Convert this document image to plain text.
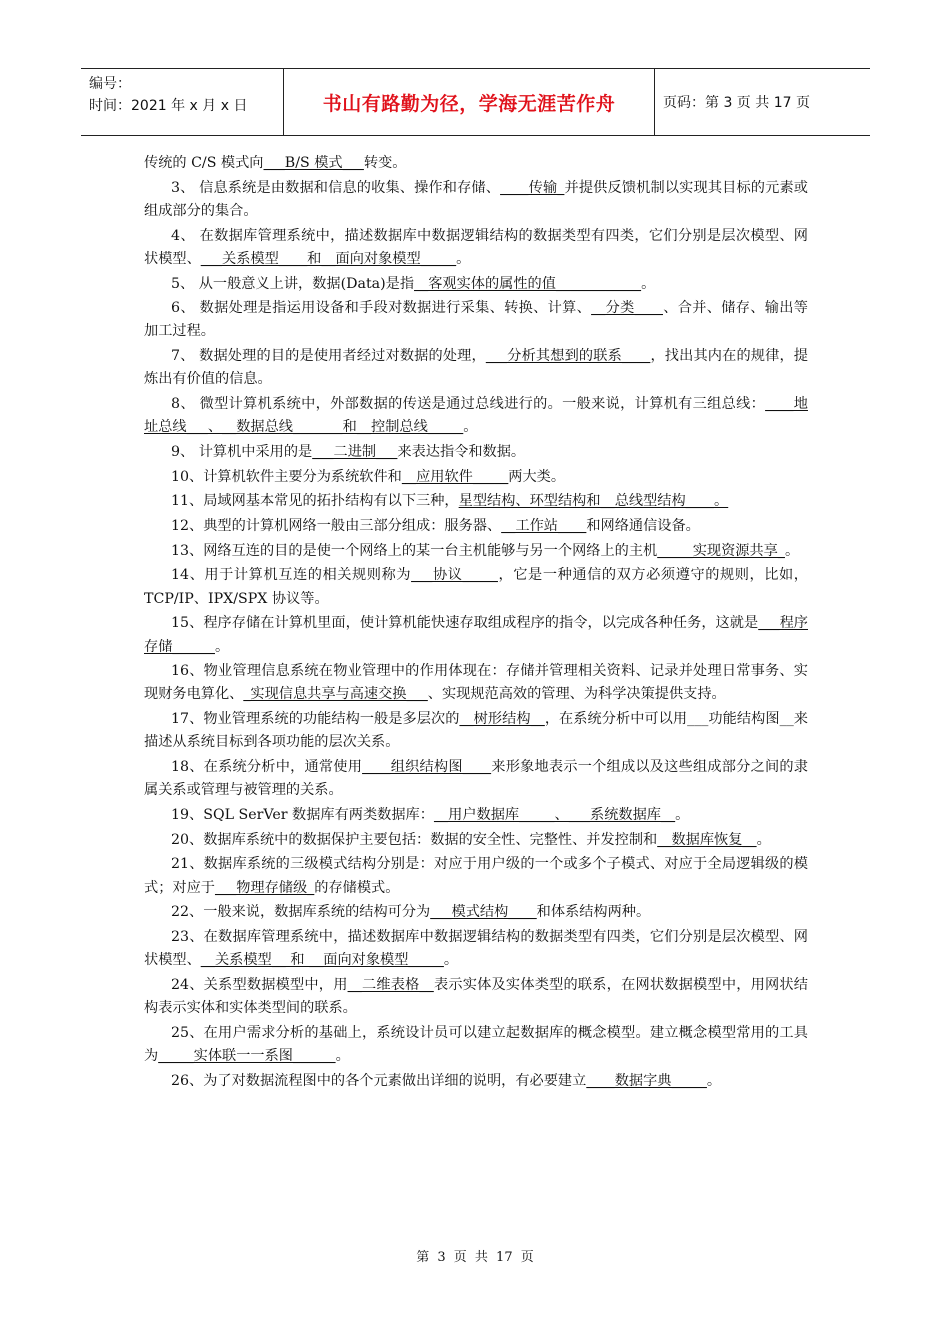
编号：
时间：2021 年 x 月 x 日	书山有路勤为径，学海无涯苦作舟	页码：第 3 页 共 17 页

传统的 C/S 模式向___B/S 模式___转变。

3、 信息系统是由数据和信息的收集、操作和存储、____传输_并提供反馈机制以实现其目标的元素或组成部分的集合。

4、 在数据库管理系统中，描述数据库中数据逻辑结构的数据类型有四类，它们分别是层次模型、网状模型、___关系模型____和__面向对象模型_____。

5、 从一般意义上讲，数据(Data)是指__客观实体的属性的值____________。

6、 数据处理是指运用设备和手段对数据进行采集、转换、计算、__分类____、合并、储存、输出等加工过程。

7、 数据处理的目的是使用者经过对数据的处理，___分析其想到的联系____，找出其内在的规律，提炼出有价值的信息。

8、 微型计算机系统中，外部数据的传送是通过总线进行的。一般来说，计算机有三组总线：____地址总线___、__数据总线_______和__控制总线_____。

9、 计算机中采用的是___二进制___来表达指令和数据。

10、计算机软件主要分为系统软件和__应用软件_____两大类。

11、局域网基本常见的拓扑结构有以下三种，星型结构、环型结构和__总线型结构____。

12、典型的计算机网络一般由三部分组成：服务器、__工作站____和网络通信设备。

13、网络互连的目的是使一个网络上的某一台主机能够与另一个网络上的主机_____实现资源共享_。

14、用于计算机互连的相关规则称为___协议_____，它是一种通信的双方必须遵守的规则，比如，TCP/IP、IPX/SPX 协议等。

15、程序存储在计算机里面，使计算机能快速存取组成程序的指令，以完成各种任务，这就是___程序存储______。

16、物业管理信息系统在物业管理中的作用体现在：存储并管理相关资料、记录并处理日常事务、实现财务电算化、_实现信息共享与高速交换___、实现规范高效的管理、为科学决策提供支持。

17、物业管理系统的功能结构一般是多层次的__树形结构__，在系统分析中可以用___功能结构图__来描述从系统目标到各项功能的层次关系。

18、在系统分析中，通常使用____组织结构图____来形象地表示一个组成以及这些组成部分之间的隶属关系或管理与被管理的关系。

19、SQL SerVer 数据库有两类数据库：__用户数据库_____、___系统数据库__。

20、数据库系统中的数据保护主要包括：数据的安全性、完整性、并发控制和__数据库恢复__。

21、数据库系统的三级模式结构分别是：对应于用户级的一个或多个子模式、对应于全局逻辑级的模式；对应于___物理存储级_的存储模式。

22、一般来说，数据库系统的结构可分为___模式结构____和体系结构两种。

23、在数据库管理系统中，描述数据库中数据逻辑结构的数据类型有四类，它们分别是层次模型、网状模型、__关系模型__ 和 __面向对象模型_____。

24、关系型数据模型中，用__二维表格__表示实体及实体类型的联系，在网状数据模型中，用网状结构表示实体和实体类型间的联系。

25、在用户需求分析的基础上，系统设计员可以建立起数据库的概念模型。建立概念模型常用的工具为_____实体联一一系图______。

26、为了对数据流程图中的各个元素做出详细的说明，有必要建立____数据字典_____。

第 3 页 共 17 页
